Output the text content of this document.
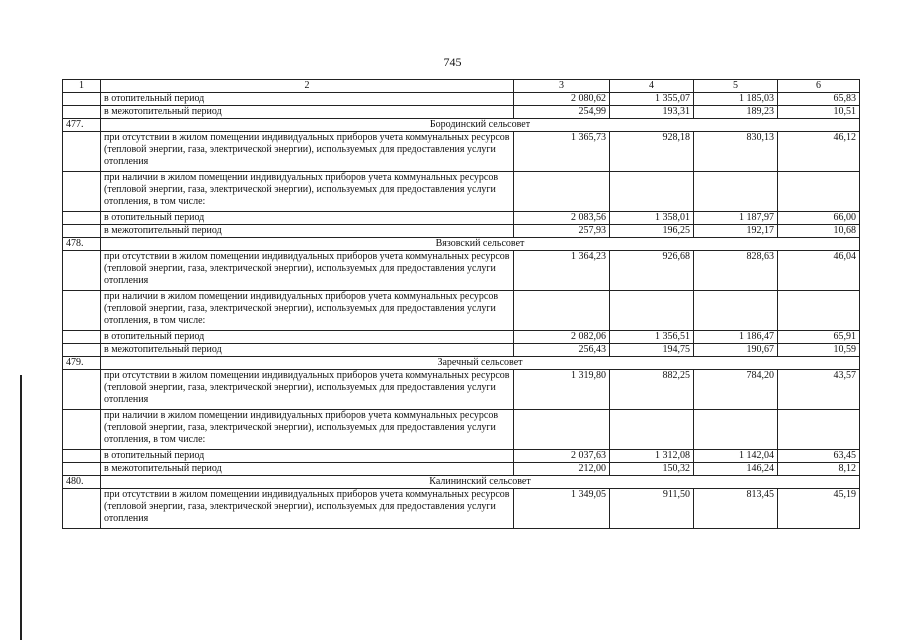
745
1	2	3	4	5	6
	в отопительный период	2 080,62	1 355,07	1 185,03	65,83
	в межотопительный период	254,99	193,31	189,23	10,51
477.	Бородинский сельсовет				
	при отсутствии в жилом помещении индивидуальных приборов учета коммунальных ресурсов (тепловой энергии, газа, электрической энергии), используемых для предоставления услуги отопления	1 365,73	928,18	830,13	46,12
	при наличии в жилом помещении индивидуальных приборов учета коммунальных ресурсов (тепловой энергии, газа, электрической энергии), используемых для предоставления услуги отопления, в том числе:				
	в отопительный период	2 083,56	1 358,01	1 187,97	66,00
	в межотопительный период	257,93	196,25	192,17	10,68
478.	Вязовский сельсовет				
	при отсутствии в жилом помещении индивидуальных приборов учета коммунальных ресурсов (тепловой энергии, газа, электрической энергии), используемых для предоставления услуги отопления	1 364,23	926,68	828,63	46,04
	при наличии в жилом помещении индивидуальных приборов учета коммунальных ресурсов (тепловой энергии, газа, электрической энергии), используемых для предоставления услуги отопления, в том числе:				
	в отопительный период	2 082,06	1 356,51	1 186,47	65,91
	в межотопительный период	256,43	194,75	190,67	10,59
479.	Заречный сельсовет				
	при отсутствии в жилом помещении индивидуальных приборов учета коммунальных ресурсов (тепловой энергии, газа, электрической энергии), используемых для предоставления услуги отопления	1 319,80	882,25	784,20	43,57
	при наличии в жилом помещении индивидуальных приборов учета коммунальных ресурсов (тепловой энергии, газа, электрической энергии), используемых для предоставления услуги отопления, в том числе:				
	в отопительный период	2 037,63	1 312,08	1 142,04	63,45
	в межотопительный период	212,00	150,32	146,24	8,12
480.	Калининский сельсовет				
	при отсутствии в жилом помещении индивидуальных приборов учета коммунальных ресурсов (тепловой энергии, газа, электрической энергии), используемых для предоставления услуги отопления	1 349,05	911,50	813,45	45,19
